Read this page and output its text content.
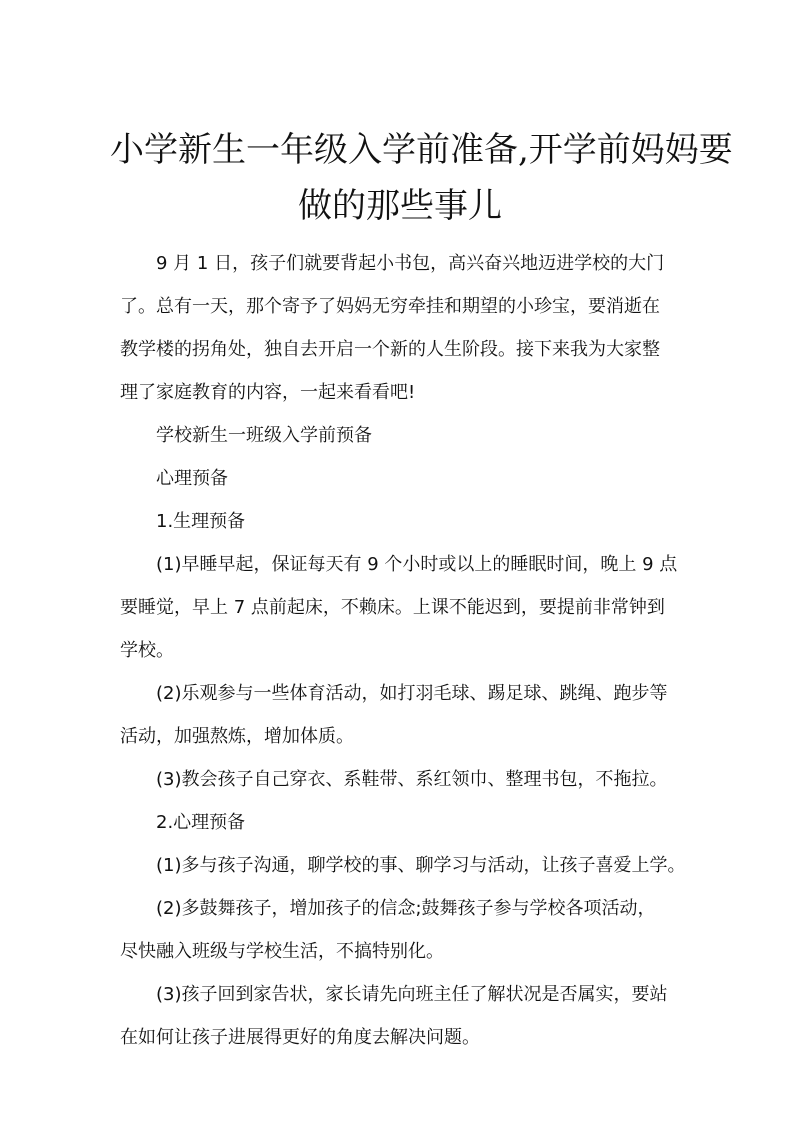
小学新生一年级入学前准备,开学前妈妈要
做的那些事儿

9 月 1 日，孩子们就要背起小书包，高兴奋兴地迈进学校的大门
了。总有一天，那个寄予了妈妈无穷牵挂和期望的小珍宝，要消逝在
教学楼的拐角处，独自去开启一个新的人生阶段。接下来我为大家整
理了家庭教育的内容，一起来看看吧!

学校新生一班级入学前预备

心理预备

1.生理预备

(1)早睡早起，保证每天有 9 个小时或以上的睡眠时间，晚上 9 点
要睡觉，早上 7 点前起床，不赖床。上课不能迟到，要提前非常钟到
学校。

(2)乐观参与一些体育活动，如打羽毛球、踢足球、跳绳、跑步等
活动，加强熬炼，增加体质。

(3)教会孩子自己穿衣、系鞋带、系红领巾、整理书包，不拖拉。

2.心理预备

(1)多与孩子沟通，聊学校的事、聊学习与活动，让孩子喜爱上学。

(2)多鼓舞孩子，增加孩子的信念;鼓舞孩子参与学校各项活动，
尽快融入班级与学校生活，不搞特别化。

(3)孩子回到家告状，家长请先向班主任了解状况是否属实，要站
在如何让孩子进展得更好的角度去解决问题。
